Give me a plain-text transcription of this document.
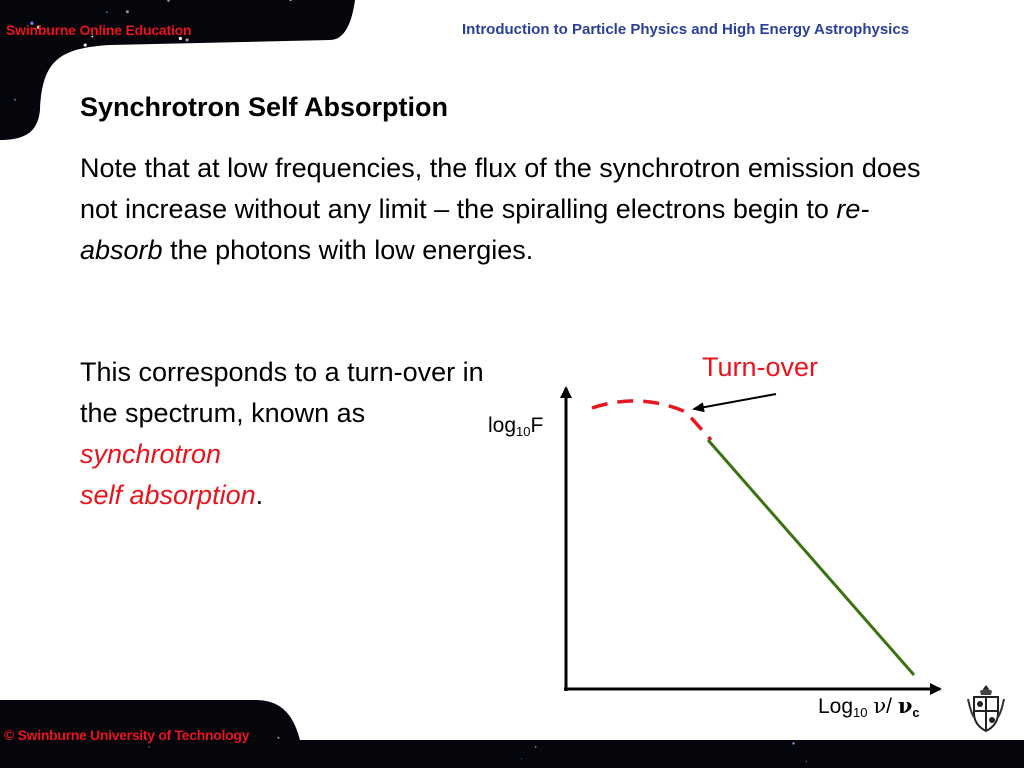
Swinburne Online Education	Introduction to Particle Physics and High Energy Astrophysics
© Swinburne University of Technology
Synchrotron Self Absorption
Note that at low frequencies, the flux of the synchrotron emission does not increase without any limit – the spiralling electrons begin to re-absorb the photons with low energies.
This corresponds to a turn-over in the spectrum, known as synchrotron
self absorption.
Turn-over
$\log_{10}F$
Log$_{10}$ ν/ $\nu_c$
